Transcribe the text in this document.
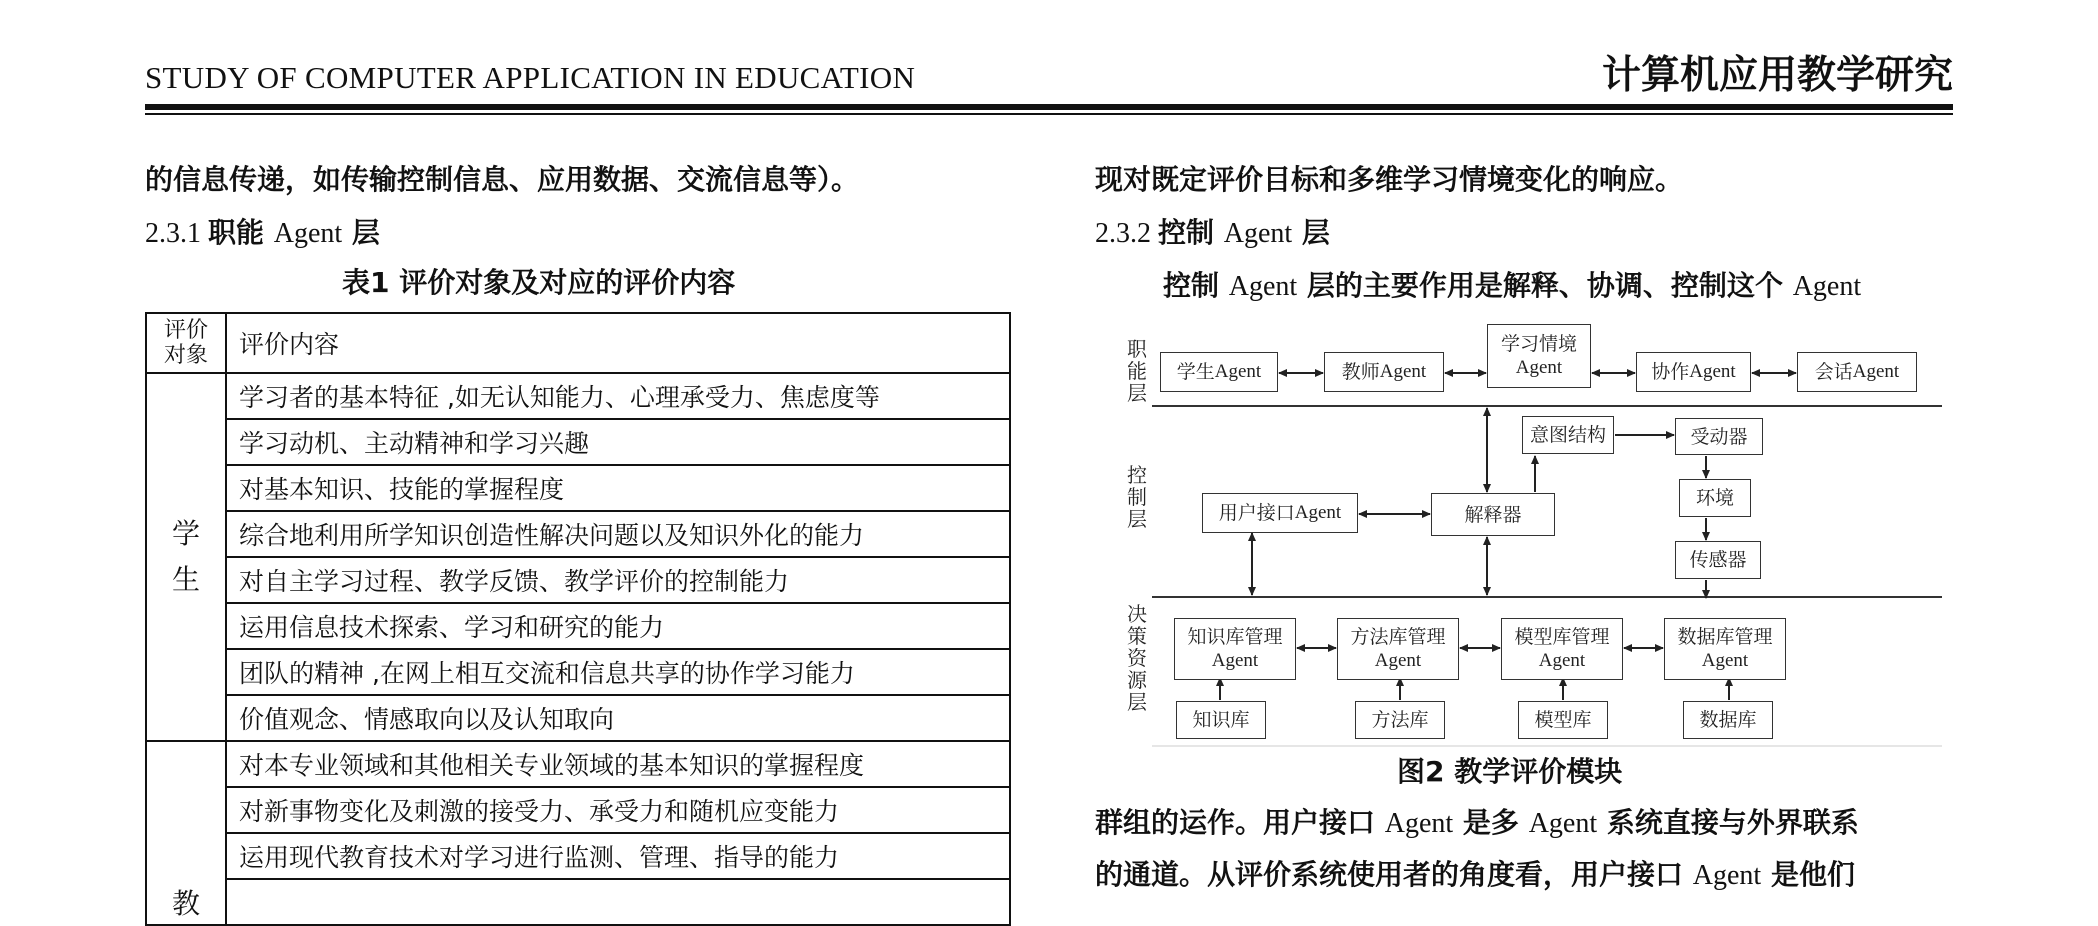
STUDY OF COMPUTER APPLICATION IN EDUCATION	计算机应用教学研究
的信息传递，如传输控制信息、应用数据、交流信息等）。
2.3.1 职能 Agent 层
表1 评价对象及对应的评价内容
评价
对象	评价内容

学
生	学习者的基本特征 ,如无认知能力、心理承受力、焦虑度等
	学习动机、主动精神和学习兴趣
	对基本知识、技能的掌握程度
	综合地利用所学知识创造性解决问题以及知识外化的能力
	对自主学习过程、教学反馈、教学评价的控制能力
	运用信息技术探索、学习和研究的能力
	团队的精神 ,在网上相互交流和信息共享的协作学习能力
	价值观念、情感取向以及认知取向

教	对本专业领域和其他相关专业领域的基本知识的掌握程度
	对新事物变化及刺激的接受力、承受力和随机应变能力
	运用现代教育技术对学习进行监测、管理、指导的能力

现对既定评价目标和多维学习情境变化的响应。
2.3.2 控制 Agent 层
控制 Agent 层的主要作用是解释、协调、控制这个 Agent
职
能
层
控
制
层
决
策
资
源
层
学生 Agent	教师 Agent
学习情境
Agent	协作 Agent	会话 Agent
意图结构	受动器
环境
传感器
用户接口 Agent	解释器
知识库管理
Agent
方法库管理
Agent
模型库管理
Agent
数据库管理
Agent
知识库	方法库	模型库	数据库
图2 教学评价模块
群组的运作。用户接口 Agent 是多 Agent 系统直接与外界联系
的通道。从评价系统使用者的角度看，用户接口 Agent 是他们
